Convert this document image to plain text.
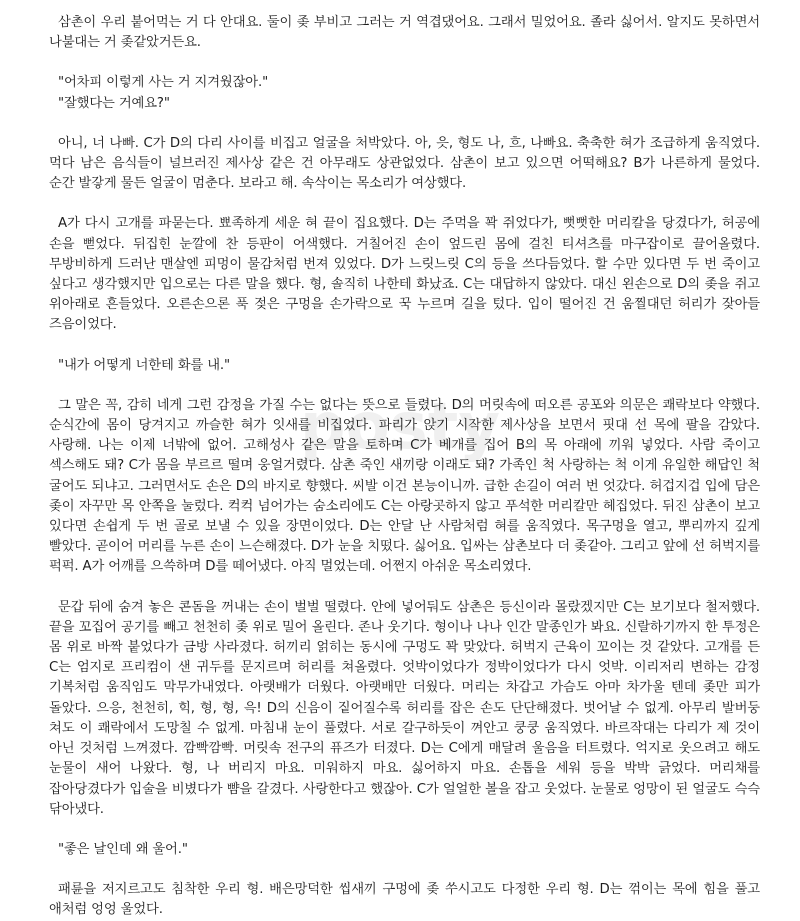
삼촌이 우리 붙어먹는 거 다 안대요. 둘이 좆 부비고 그러는 거 역겹댔어요. 그래서 밀었어요. 졸라 싫어서. 알지도 못하면서 나불대는 거 좆같았거든요.

"어차피 이렇게 사는 거 지겨웠잖아."

"잘했다는 거예요?"

아니, 너 나빠. C가 D의 다리 사이를 비집고 얼굴을 처박았다. 아, 읏, 형도 나, 흐, 나빠요. 축축한 혀가 조급하게 움직였다. 먹다 남은 음식들이 널브러진 제사상 같은 건 아무래도 상관없었다. 삼촌이 보고 있으면 어떡해요? B가 나른하게 물었다. 순간 발갛게 물든 얼굴이 멈춘다. 보라고 해. 속삭이는 목소리가 여상했다.

A가 다시 고개를 파묻는다. 뾰족하게 세운 혀 끝이 집요했다. D는 주먹을 꽉 쥐었다가, 뻣뻣한 머리칼을 당겼다가, 허공에 손을 뻗었다. 뒤집힌 눈깔에 찬 등판이 어색했다. 거칠어진 손이 엎드린 몸에 걸친 티셔츠를 마구잡이로 끌어올렸다. 무방비하게 드러난 맨살엔 피멍이 물감처럼 번져 있었다. D가 느릿느릿 C의 등을 쓰다듬었다. 할 수만 있다면 두 번 죽이고 싶다고 생각했지만 입으로는 다른 말을 했다. 형, 솔직히 나한테 화났죠. C는 대답하지 않았다. 대신 왼손으로 D의 좆을 쥐고 위아래로 흔들었다. 오른손으론 푹 젖은 구멍을 손가락으로 꾹 누르며 길을 텄다. 입이 떨어진 건 움찔대던 허리가 잦아들 즈음이었다.

"내가 어떻게 너한테 화를 내."

그 말은 꼭, 감히 네게 그런 감정을 가질 수는 없다는 뜻으로 들렸다. D의 머릿속에 떠오른 공포와 의문은 쾌락보다 약했다. 순식간에 몸이 당겨지고 까슬한 혀가 잇새를 비집었다. 파리가 앉기 시작한 제사상을 보면서 핏대 선 목에 팔을 감았다. 사랑해. 나는 이제 너밖에 없어. 고해성사 같은 말을 토하며 C가 베개를 집어 B의 목 아래에 끼워 넣었다. 사람 죽이고 섹스해도 돼? C가 몸을 부르르 떨며 웅얼거렸다. 삼촌 죽인 새끼랑 이래도 돼? 가족인 척 사랑하는 척 이게 유일한 해답인 척 굴어도 되냐고. 그러면서도 손은 D의 바지로 향했다. 씨발 이건 본능이니까. 급한 손길이 여러 번 엇갔다. 허겁지겁 입에 담은 좆이 자꾸만 목 안쪽을 눌렀다. 컥컥 넘어가는 숨소리에도 C는 아랑곳하지 않고 푸석한 머리칼만 헤집었다. 뒤진 삼촌이 보고 있다면 손쉽게 두 번 골로 보낼 수 있을 장면이었다. D는 안달 난 사람처럼 혀를 움직였다. 목구멍을 열고, 뿌리까지 깊게 빨았다. 곧이어 머리를 누른 손이 느슨해졌다. D가 눈을 치떴다. 싫어요. 입싸는 삼촌보다 더 좆같아. 그리고 앞에 선 허벅지를 퍽퍽. A가 어깨를 으쓱하며 D를 떼어냈다. 아직 멀었는데. 어쩐지 아쉬운 목소리였다.

문갑 뒤에 숨겨 놓은 콘돔을 꺼내는 손이 벌벌 떨렸다. 안에 넣어둬도 삼촌은 등신이라 몰랐겠지만 C는 보기보다 철저했다. 끝을 꼬집어 공기를 빼고 천천히 좆 위로 밀어 올린다. 존나 웃기다. 형이나 나나 인간 말종인가 봐요. 신랄하기까지 한 투정은 몸 위로 바짝 붙었다가 금방 사라졌다. 허끼리 얽히는 동시에 구멍도 꽉 맞았다. 허벅지 근육이 꼬이는 것 같았다. 고개를 든 C는 엄지로 프리컴이 샌 귀두를 문지르며 허리를 쳐올렸다. 엇박이었다가 정박이었다가 다시 엇박. 이리저리 변하는 감정 기복처럼 움직임도 막무가내였다. 아랫배가 더웠다. 아랫배만 더웠다. 머리는 차갑고 가슴도 아마 차가울 텐데 좆만 피가 돌았다. 으응, 천천히, 힉, 형, 형, 윽! D의 신음이 짙어질수록 허리를 잡은 손도 단단해졌다. 벗어날 수 없게. 아무리 발버둥 쳐도 이 쾌락에서 도망칠 수 없게. 마침내 눈이 풀렸다. 서로 갈구하듯이 껴안고 쿵쿵 움직였다. 바르작대는 다리가 제 것이 아닌 것처럼 느껴졌다. 깜빡깜빡. 머릿속 전구의 퓨즈가 터졌다. D는 C에게 매달려 울음을 터트렸다. 억지로 웃으려고 해도 눈물이 새어 나왔다. 형, 나 버리지 마요. 미워하지 마요. 싫어하지 마요. 손톱을 세워 등을 박박 긁었다. 머리채를 잡아당겼다가 입술을 비볐다가 뺨을 갈겼다. 사랑한다고 했잖아. C가 얼얼한 볼을 잡고 웃었다. 눈물로 엉망이 된 얼굴도 슥슥 닦아냈다.

"좋은 날인데 왜 울어."

패륜을 저지르고도 침착한 우리 형. 배은망덕한 씹새끼 구멍에 좆 쑤시고도 다정한 우리 형. D는 꺾이는 목에 힘을 풀고 애처럼 엉엉 울었다.

posty
